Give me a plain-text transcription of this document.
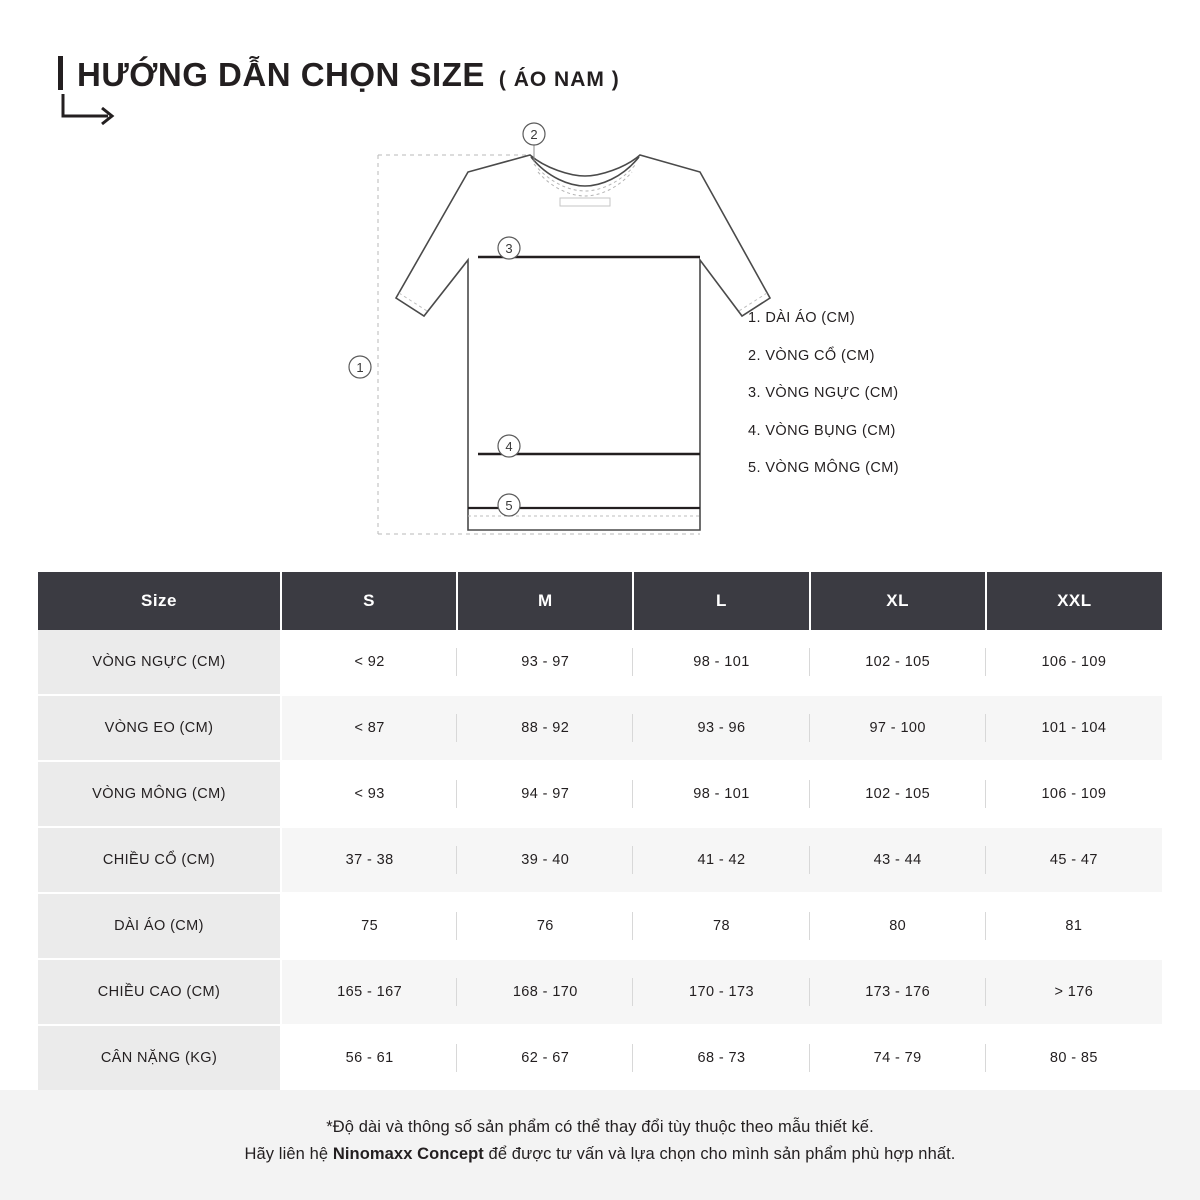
HƯỚNG DẪN CHỌN SIZE ( ÁO NAM )
1
2
3
4
5
1. DÀI ÁO (CM)
2. VÒNG CỔ (CM)
3. VÒNG NGỰC (CM)
4. VÒNG BỤNG (CM)
5. VÒNG MÔNG (CM)
Size	S	M	L	XL	XXL
VÒNG NGỰC (CM)	< 92	93 - 97	98 - 101	102 - 105	106 - 109
VÒNG EO (CM)	< 87	88 - 92	93 - 96	97 - 100	101 - 104
VÒNG MÔNG (CM)	< 93	94 - 97	98 - 101	102 - 105	106 - 109
CHIỀU CỔ (CM)	37 - 38	39 - 40	41 - 42	43 - 44	45 - 47
DÀI ÁO (CM)	75	76	78	80	81
CHIỀU CAO (CM)	165 - 167	168 - 170	170 - 173	173 - 176	> 176
CÂN NẶNG (KG)	56 - 61	62 - 67	68 - 73	74 - 79	80 - 85
*Độ dài và thông số sản phẩm có thể thay đổi tùy thuộc theo mẫu thiết kế.
Hãy liên hệ Ninomaxx Concept để được tư vấn và lựa chọn cho mình sản phẩm phù hợp nhất.
